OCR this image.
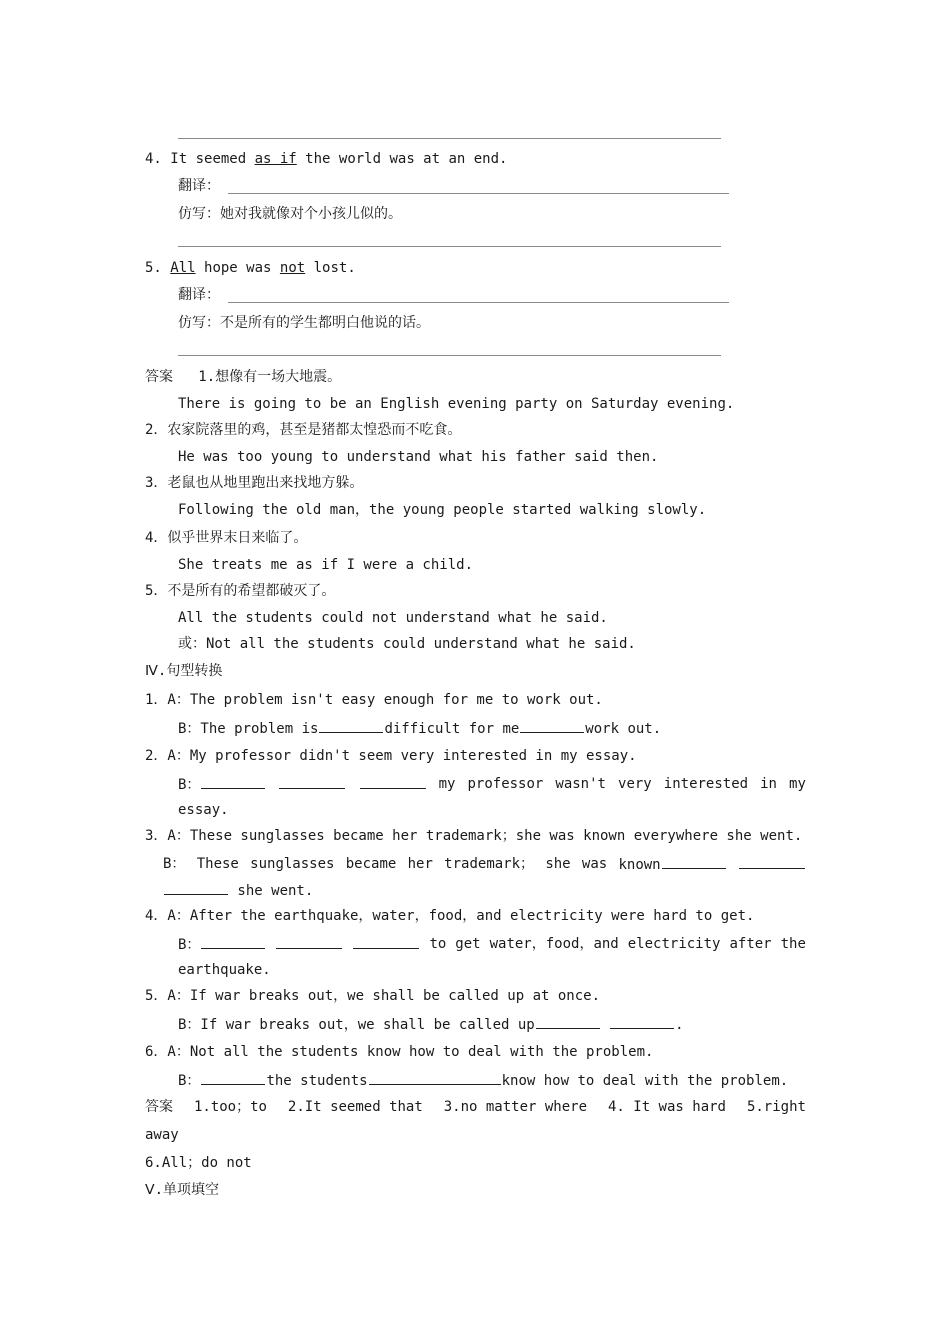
4. It seemed as if the world was at an end.
翻译：
仿写：她对我就像对个小孩儿似的。
5. All hope was not lost.
翻译：
仿写：不是所有的学生都明白他说的话。
答案 1.想像有一场大地震。
There is going to be an English evening party on Saturday evening.
2．农家院落里的鸡，甚至是猪都太惶恐而不吃食。
He was too young to understand what his father said then.
3．老鼠也从地里跑出来找地方躲。
Following the old man，the young people started walking slowly.
4．似乎世界末日来临了。
She treats me as if I were a child.
5．不是所有的希望都破灭了。
All the students could not understand what he said.
或：Not all the students could understand what he said.
Ⅳ.句型转换
1．A：The problem isn't easy enough for me to work out.
B：The problem is	difficult for me	work out.
2．A：My professor didn't seem very interested in my essay.
B：	my professor wasn't very interested in my
essay.
3．A：These sunglasses became her trademark；she was known everywhere she went.
B： These sunglasses became her trademark； she was known
she went.
4．A：After the earthquake，water，food，and electricity were hard to get.
B：	to get water，food，and electricity after the
earthquake.
5．A：If war breaks out，we shall be called up at once.
B：If war breaks out，we shall be called up	.
6．A：Not all the students know how to deal with the problem.
B：	the students	know how to deal with the problem.
答案 1.too；to 2.It seemed that 3.no matter where 4. It was hard 5.right
away
6.All；do not
Ⅴ.单项填空
